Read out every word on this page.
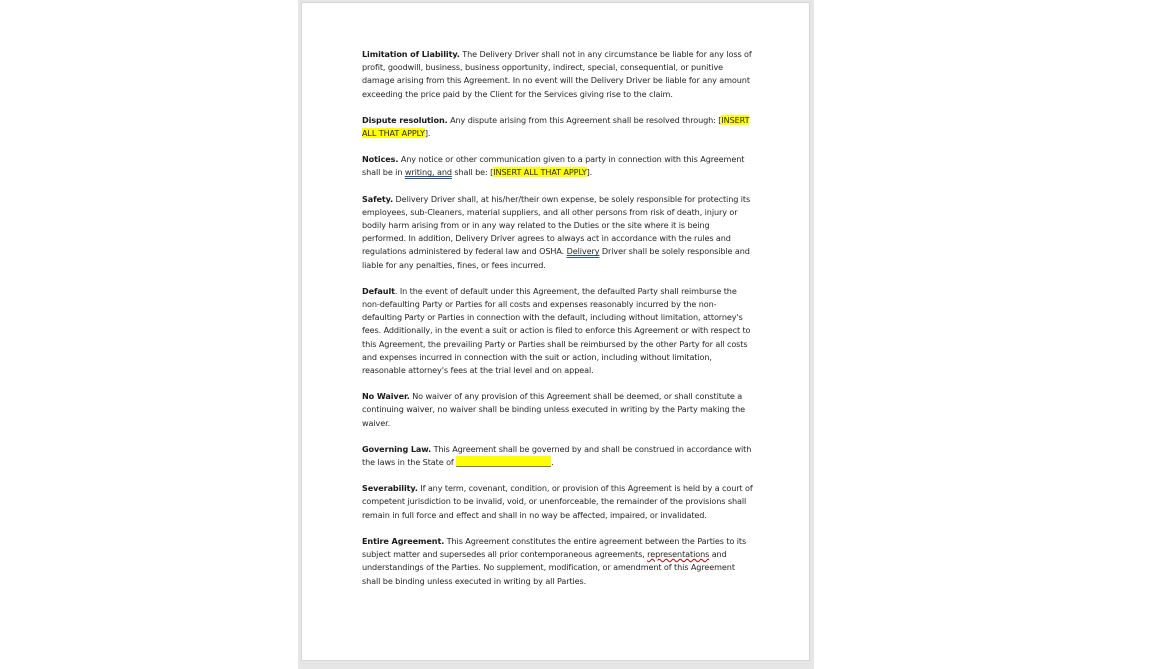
Limitation of Liability. The Delivery Driver shall not in any circumstance be liable for any loss of profit, goodwill, business, business opportunity, indirect, special, consequential, or punitive damage arising from this Agreement. In no event will the Delivery Driver be liable for any amount exceeding the price paid by the Client for the Services giving rise to the claim.

Dispute resolution. Any dispute arising from this Agreement shall be resolved through: [INSERT ALL THAT APPLY].

Notices. Any notice or other communication given to a party in connection with this Agreement shall be in writing, and shall be: [INSERT ALL THAT APPLY].

Safety. Delivery Driver shall, at his/her/their own expense, be solely responsible for protecting its employees, sub-Cleaners, material suppliers, and all other persons from risk of death, injury or bodily harm arising from or in any way related to the Duties or the site where it is being performed. In addition, Delivery Driver agrees to always act in accordance with the rules and regulations administered by federal law and OSHA. Delivery Driver shall be solely responsible and liable for any penalties, fines, or fees incurred.

Default. In the event of default under this Agreement, the defaulted Party shall reimburse the non-defaulting Party or Parties for all costs and expenses reasonably incurred by the non-defaulting Party or Parties in connection with the default, including without limitation, attorney's fees. Additionally, in the event a suit or action is filed to enforce this Agreement or with respect to this Agreement, the prevailing Party or Parties shall be reimbursed by the other Party for all costs and expenses incurred in connection with the suit or action, including without limitation, reasonable attorney's fees at the trial level and on appeal.

No Waiver. No waiver of any provision of this Agreement shall be deemed, or shall constitute a continuing waiver, no waiver shall be binding unless executed in writing by the Party making the waiver.

Governing Law. This Agreement shall be governed by and shall be construed in accordance with the laws in the State of	.

Severability. If any term, covenant, condition, or provision of this Agreement is held by a court of competent jurisdiction to be invalid, void, or unenforceable, the remainder of the provisions shall remain in full force and effect and shall in no way be affected, impaired, or invalidated.

Entire Agreement. This Agreement constitutes the entire agreement between the Parties to its subject matter and supersedes all prior contemporaneous agreements, representations and understandings of the Parties. No supplement, modification, or amendment of this Agreement shall be binding unless executed in writing by all Parties.
